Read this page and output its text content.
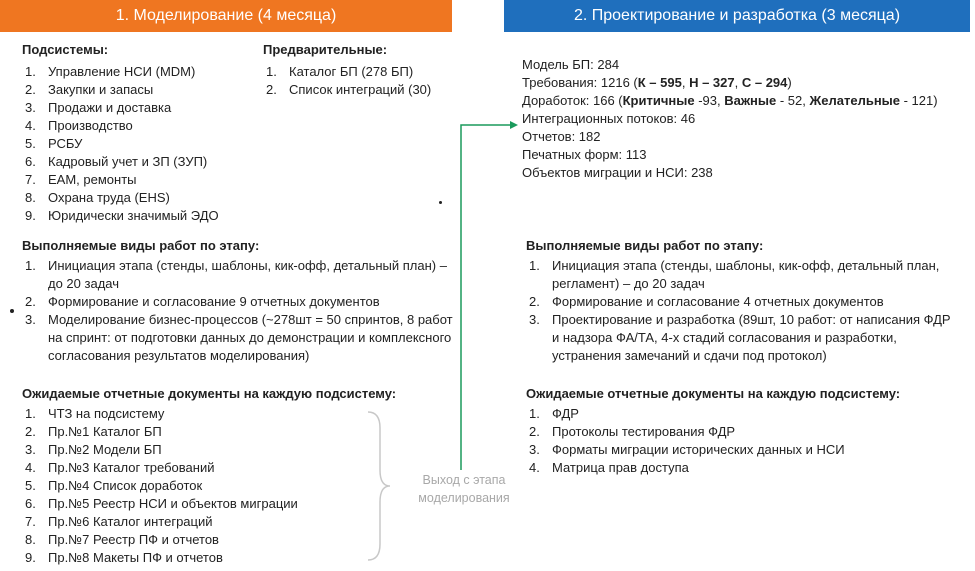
1. Моделирование (4 месяца)
Подсистемы:
1. Управление НСИ (MDM)
2. Закупки и запасы
3. Продажи и доставка
4. Производство
5. РСБУ
6. Кадровый учет и ЗП (ЗУП)
7. EAM, ремонты
8. Охрана труда (EHS)
9. Юридически значимый ЭДО
Предварительные:
1. Каталог БП (278 БП)
2. Список интеграций (30)
Выполняемые виды работ по этапу:
1. Инициация этапа (стенды, шаблоны, кик-офф, детальный план) – до 20 задач
2. Формирование и согласование 9 отчетных документов
3. Моделирование бизнес-процессов (~278шт = 50 спринтов, 8 работ на спринт: от подготовки данных до демонстрации и комплексного согласования результатов моделирования)
Ожидаемые отчетные документы на каждую подсистему:
1. ЧТЗ на подсистему
2. Пр.№1 Каталог БП
3. Пр.№2 Модели БП
4. Пр.№3 Каталог требований
5. Пр.№4 Список доработок
6. Пр.№5 Реестр НСИ и объектов миграции
7. Пр.№6 Каталог интеграций
8. Пр.№7 Реестр ПФ и отчетов
9. Пр.№8 Макеты ПФ и отчетов
Выход с этапа
моделирования
2. Проектирование и разработка (3 месяца)
Модель БП: 284
Требования: 1216 (К – 595, Н – 327, С – 294)
Доработок: 166 (Критичные -93, Важные - 52, Желательные - 121)
Интеграционных потоков: 46
Отчетов: 182
Печатных форм: 113
Объектов миграции и НСИ: 238
Выполняемые виды работ по этапу:
1. Инициация этапа (стенды, шаблоны, кик-офф, детальный план, регламент) – до 20 задач
2. Формирование и согласование 4 отчетных документов
3. Проектирование и разработка (89шт, 10 работ: от написания ФДР и надзора ФА/ТА, 4-х стадий согласования и разработки, устранения замечаний и сдачи под протокол)
Ожидаемые отчетные документы на каждую подсистему:
1. ФДР
2. Протоколы тестирования ФДР
3. Форматы миграции исторических данных и НСИ
4. Матрица прав доступа
